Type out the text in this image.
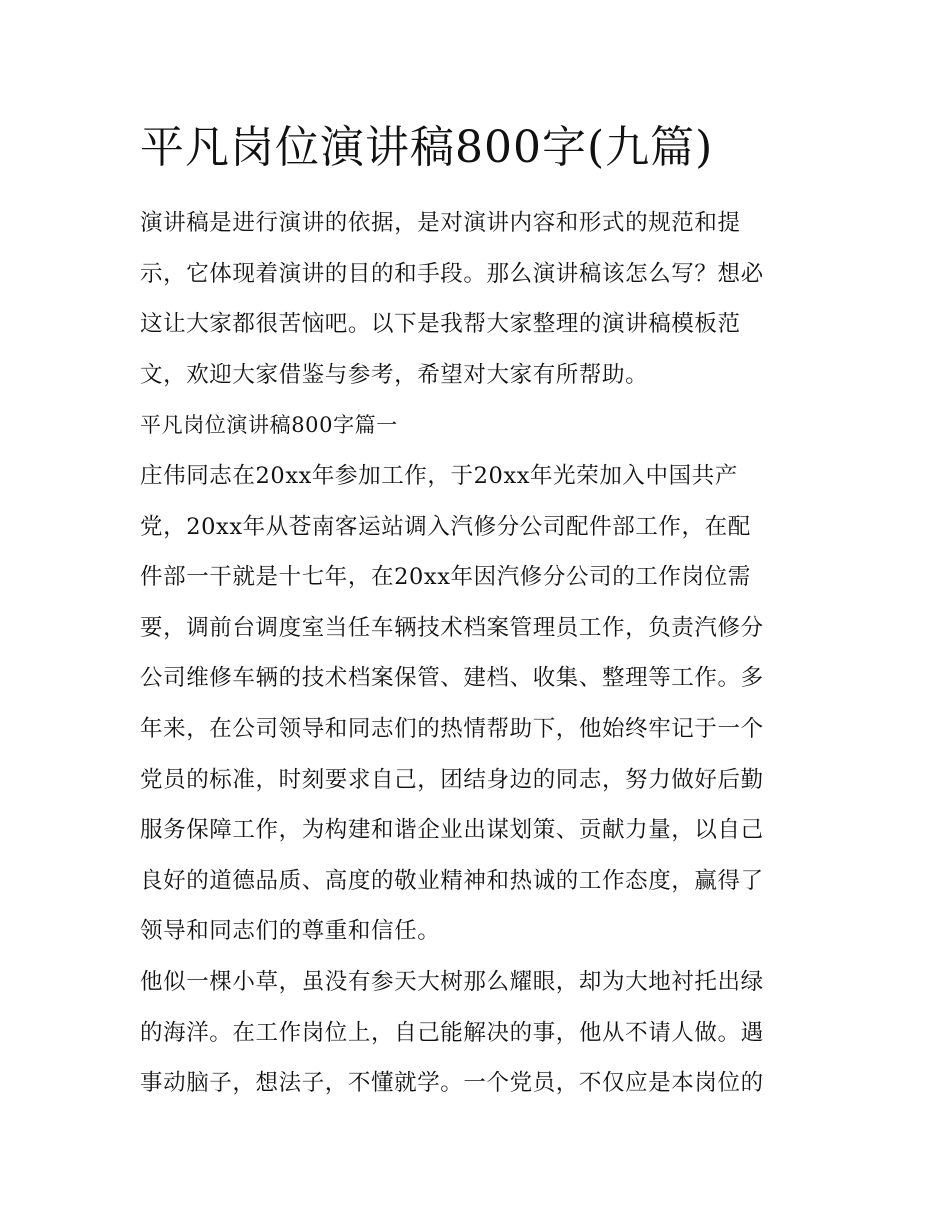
平凡岗位演讲稿800字(九篇)
演讲稿是进行演讲的依据，是对演讲内容和形式的规范和提
示，它体现着演讲的目的和手段。那么演讲稿该怎么写？想必
这让大家都很苦恼吧。以下是我帮大家整理的演讲稿模板范
文，欢迎大家借鉴与参考，希望对大家有所帮助。
平凡岗位演讲稿800字篇一
庄伟同志在20xx年参加工作，于20xx年光荣加入中国共产
党，20xx年从苍南客运站调入汽修分公司配件部工作，在配
件部一干就是十七年，在20xx年因汽修分公司的工作岗位需
要，调前台调度室当任车辆技术档案管理员工作，负责汽修分
公司维修车辆的技术档案保管、建档、收集、整理等工作。多
年来，在公司领导和同志们的热情帮助下，他始终牢记于一个
党员的标准，时刻要求自己，团结身边的同志，努力做好后勤
服务保障工作，为构建和谐企业出谋划策、贡献力量，以自己
良好的道德品质、高度的敬业精神和热诚的工作态度，赢得了
领导和同志们的尊重和信任。
他似一棵小草，虽没有参天大树那么耀眼，却为大地衬托出绿
的海洋。在工作岗位上，自己能解决的事，他从不请人做。遇
事动脑子，想法子，不懂就学。一个党员，不仅应是本岗位的
